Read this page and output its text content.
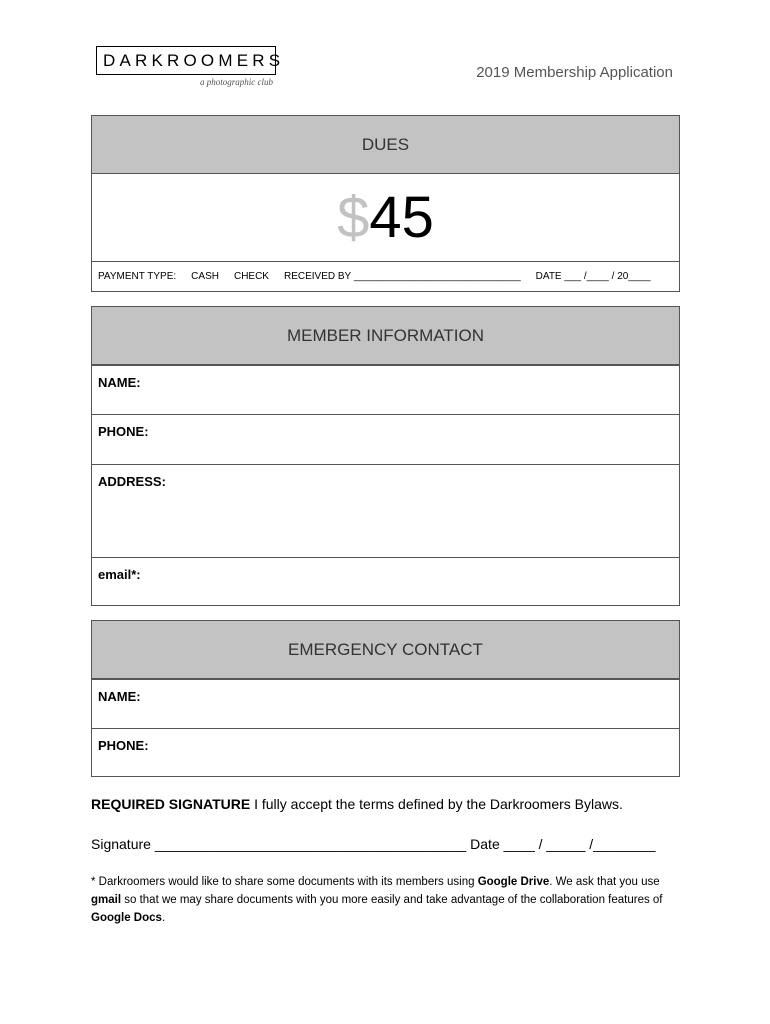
DARKROOMERS
a photographic club
2019 Membership Application
DUES
$ 45
PAYMENT TYPE: CASH CHECK RECEIVED BY ______________________________ DATE ___ /____ / 20____
MEMBER INFORMATION
NAME:
PHONE:
ADDRESS:
email*:
EMERGENCY CONTACT
NAME:
PHONE:
REQUIRED SIGNATURE I fully accept the terms defined by the Darkroomers Bylaws.
Signature ________________________________________ Date ____ / _____ /________
* Darkroomers would like to share some documents with its members using Google Drive. We ask that you use gmail so that we may share documents with you more easily and take advantage of the collaboration features of Google Docs.
